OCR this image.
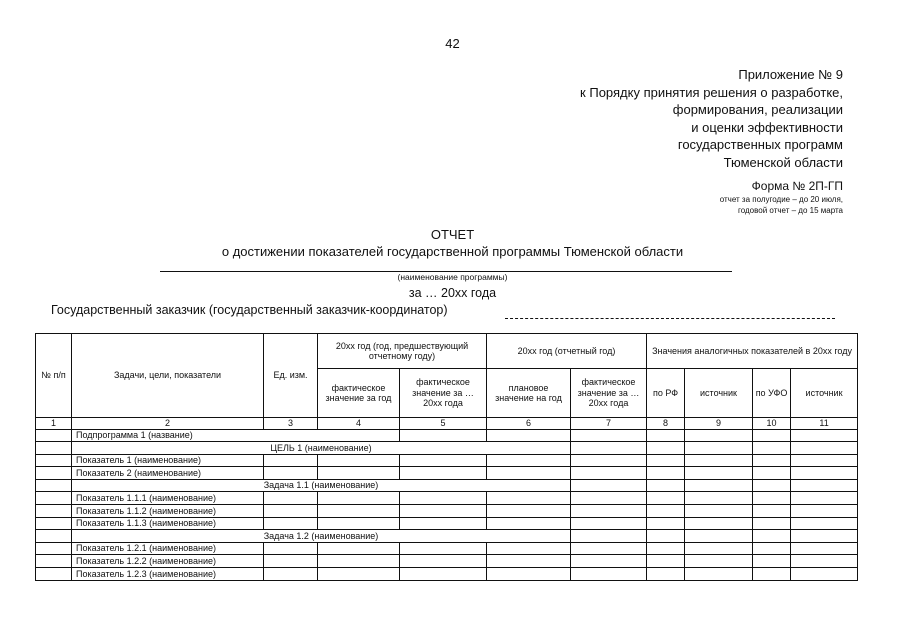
42
Приложение № 9
к Порядку принятия решения о разработке,
формирования, реализации
и оценки эффективности
государственных программ
Тюменской области
Форма № 2П-ГП
отчет за полугодие – до 20 июля,
годовой отчет – до 15 марта
ОТЧЕТ
о достижении показателей государственной программы Тюменской области
(наименование программы)
за … 20xx года
Государственный заказчик (государственный заказчик-координатор)
№ п/п	Задачи, цели, показатели	Ед. изм.	20xx год (год, предшествующий отчетному году)		20xx год (отчетный год)		Значения аналогичных показателей в 20xx году			
			фактическое значение за год	фактическое значение за … 20xx года	плановое значение на год	фактическое значение за … 20xx года	по РФ	источник	по УФО	источник
1	2	3	4	5	6	7	8	9	10	11
	Подпрограмма 1 (название)									
	ЦЕЛЬ 1 (наименование)									
	Показатель 1 (наименование)									
	Показатель 2 (наименование)									
	Задача 1.1 (наименование)									
	Показатель 1.1.1 (наименование)									
	Показатель 1.1.2 (наименование)									
	Показатель 1.1.3 (наименование)									
	Задача 1.2 (наименование)									
	Показатель 1.2.1 (наименование)									
	Показатель 1.2.2 (наименование)									
	Показатель 1.2.3 (наименование)									
